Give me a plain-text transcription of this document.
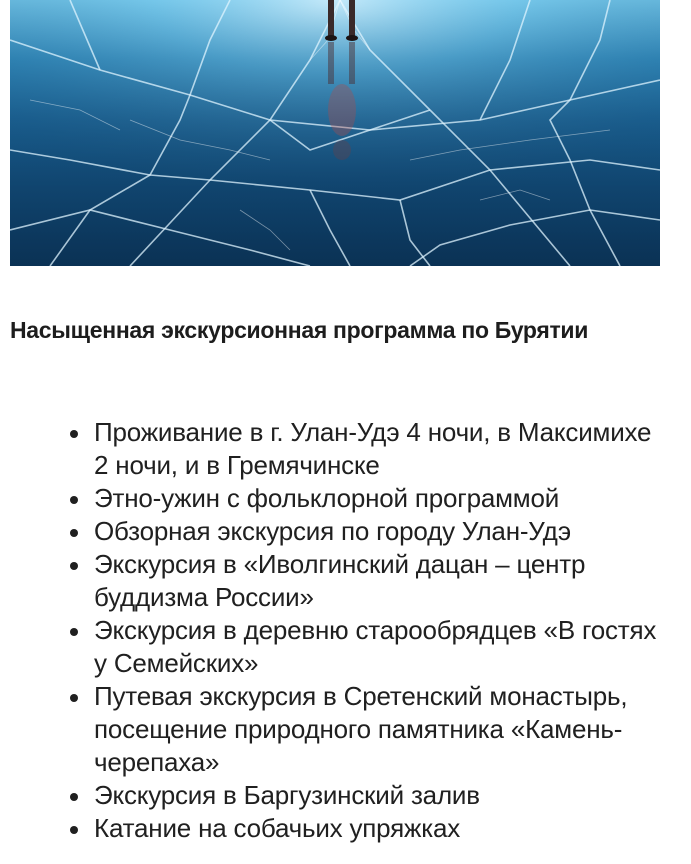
Насыщенная экскурсионная программа по Бурятии
Проживание в г. Улан-Удэ 4 ночи, в Максимихе 2 ночи, и в Гремячинске
Этно-ужин с фольклорной программой
Обзорная экскурсия по городу Улан-Удэ
Экскурсия в «Иволгинский дацан – центр буддизма России»
Экскурсия в деревню старообрядцев «В гостях у Семейских»
Путевая экскурсия в Сретенский монастырь, посещение природного памятника «Камень-черепаха»
Экскурсия в Баргузинский залив
Катание на собачьих упряжках
